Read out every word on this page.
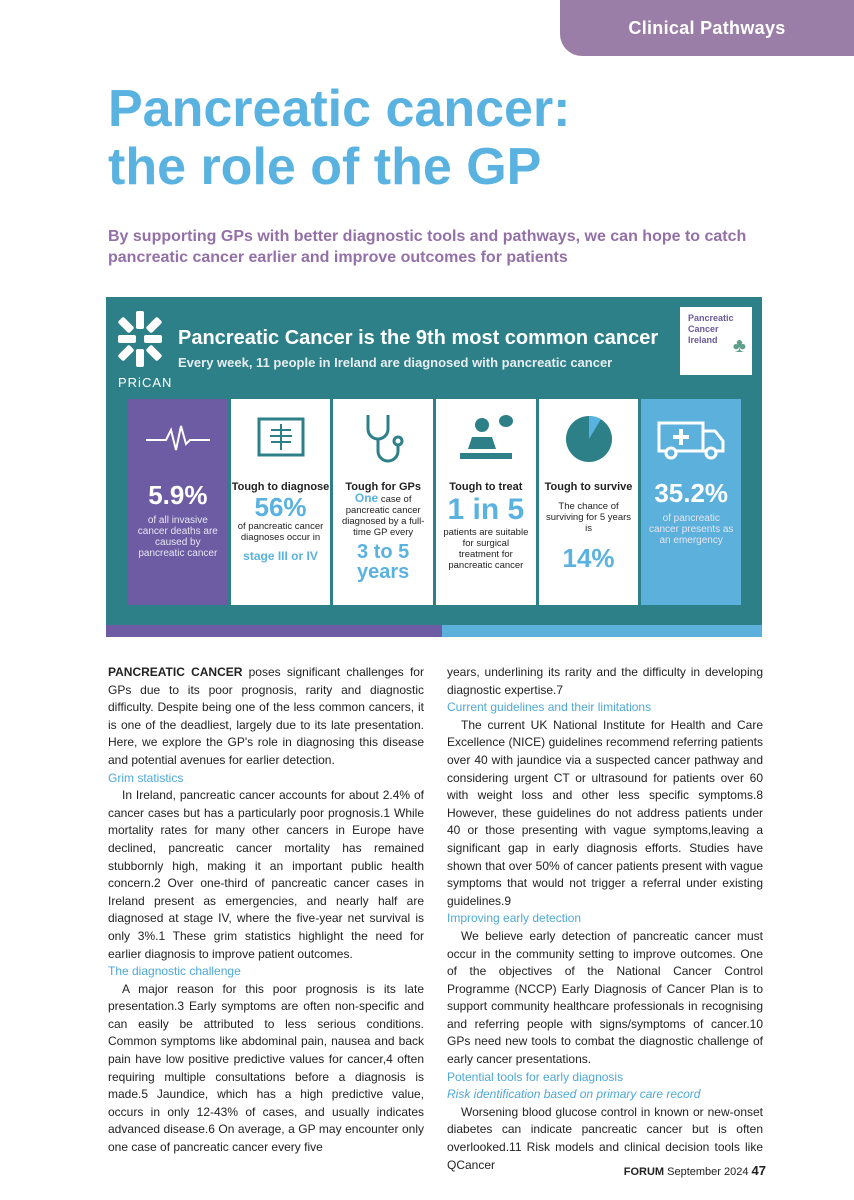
Clinical Pathways
Pancreatic cancer:
the role of the GP

By supporting GPs with better diagnostic tools and pathways, we can hope to catch pancreatic cancer earlier and improve outcomes for patients

PRiCAN
Pancreatic Cancer is the 9th most common cancer
Every week, 11 people in Ireland are diagnosed with pancreatic cancer
Pancreatic
Cancer
Ireland ♣
5.9%
of all invasive cancer deaths are caused by pancreatic cancer
Tough to diagnose
56%
of pancreatic cancer diagnoses occur in
stage III or IV
Tough for GPs
One case of pancreatic cancer diagnosed by a full-time GP every
3 to 5 years
Tough to treat
1 in 5
patients are suitable for surgical treatment for pancreatic cancer
Tough to survive
The chance of surviving for 5 years is
14%
35.2%
of pancreatic cancer presents as an emergency

PANCREATIC CANCER poses significant challenges for GPs due to its poor prognosis, rarity and diagnostic difficulty. Despite being one of the less common cancers, it is one of the deadliest, largely due to its late presentation. Here, we explore the GP's role in diagnosing this disease and potential avenues for earlier detection.

Grim statistics

In Ireland, pancreatic cancer accounts for about 2.4% of cancer cases but has a particularly poor prognosis.1 While mortality rates for many other cancers in Europe have declined, pancreatic cancer mortality has remained stubbornly high, making it an important public health concern.2 Over one-third of pancreatic cancer cases in Ireland present as emergencies, and nearly half are diagnosed at stage IV, where the five-year net survival is only 3%.1 These grim statistics highlight the need for earlier diagnosis to improve patient outcomes.

The diagnostic challenge

A major reason for this poor prognosis is its late presentation.3 Early symptoms are often non-specific and can easily be attributed to less serious conditions. Common symptoms like abdominal pain, nausea and back pain have low positive predictive values for cancer,4 often requiring multiple consultations before a diagnosis is made.5 Jaundice, which has a high predictive value, occurs in only 12-43% of cases, and usually indicates advanced disease.6 On average, a GP may encounter only one case of pancreatic cancer every five

years, underlining its rarity and the difficulty in developing diagnostic expertise.7

Current guidelines and their limitations

The current UK National Institute for Health and Care Excellence (NICE) guidelines recommend referring patients over 40 with jaundice via a suspected cancer pathway and considering urgent CT or ultrasound for patients over 60 with weight loss and other less specific symptoms.8 However, these guidelines do not address patients under 40 or those presenting with vague symptoms,leaving a significant gap in early diagnosis efforts. Studies have shown that over 50% of cancer patients present with vague symptoms that would not trigger a referral under existing guidelines.9

Improving early detection

We believe early detection of pancreatic cancer must occur in the community setting to improve outcomes. One of the objectives of the National Cancer Control Programme (NCCP) Early Diagnosis of Cancer Plan is to support community healthcare professionals in recognising and referring people with signs/symptoms of cancer.10 GPs need new tools to combat the diagnostic challenge of early cancer presentations.

Potential tools for early diagnosis
Risk identification based on primary care record

Worsening blood glucose control in known or new-onset diabetes can indicate pancreatic cancer but is often overlooked.11 Risk models and clinical decision tools like QCancer

FORUM September 2024 47
